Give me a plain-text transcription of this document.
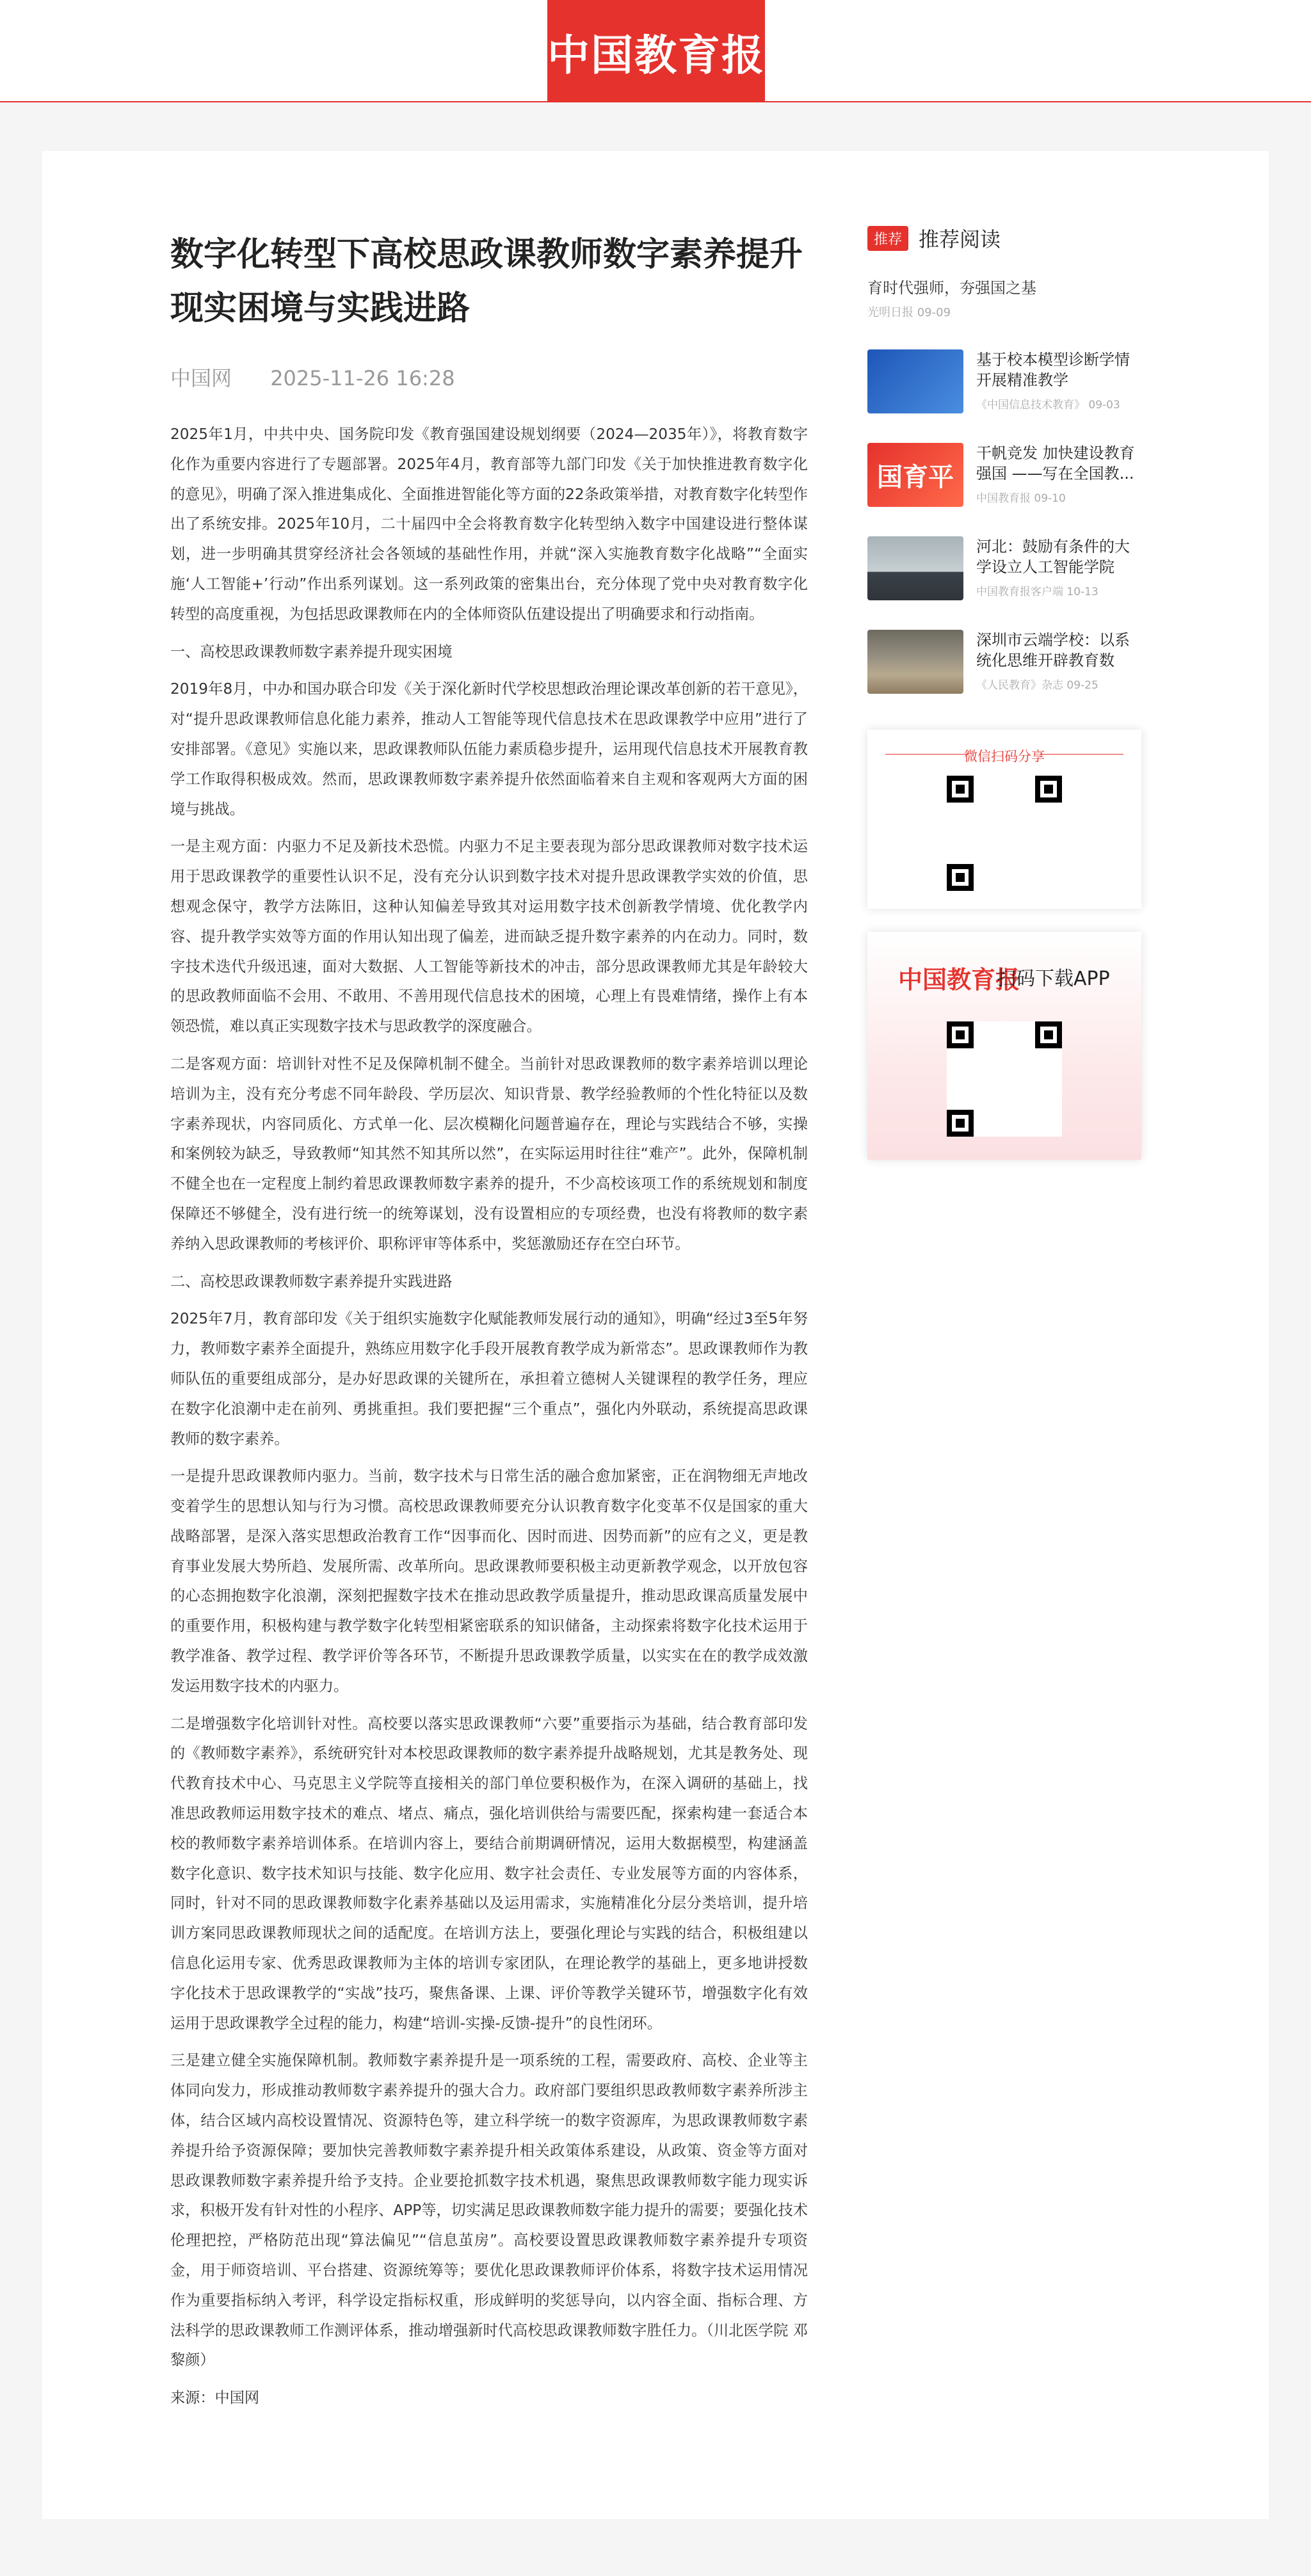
中国教育报
数字化转型下高校思政课教师数字素养提升 现实困境与实践进路
中国网 2025-11-26 16:28

2025年1月，中共中央、国务院印发《教育强国建设规划纲要（2024—2035年）》，将教育数字化作为重要内容进行了专题部署。2025年4月，教育部等九部门印发《关于加快推进教育数字化的意见》，明确了深入推进集成化、全面推进智能化等方面的22条政策举措，对教育数字化转型作出了系统安排。2025年10月，二十届四中全会将教育数字化转型纳入数字中国建设进行整体谋划，进一步明确其贯穿经济社会各领域的基础性作用，并就“深入实施教育数字化战略”“全面实施‘人工智能+’行动”作出系列谋划。这一系列政策的密集出台，充分体现了党中央对教育数字化转型的高度重视，为包括思政课教师在内的全体师资队伍建设提出了明确要求和行动指南。

一、高校思政课教师数字素养提升现实困境

2019年8月，中办和国办联合印发《关于深化新时代学校思想政治理论课改革创新的若干意见》，对“提升思政课教师信息化能力素养，推动人工智能等现代信息技术在思政课教学中应用”进行了安排部署。《意见》实施以来，思政课教师队伍能力素质稳步提升，运用现代信息技术开展教育教学工作取得积极成效。然而，思政课教师数字素养提升依然面临着来自主观和客观两大方面的困境与挑战。

一是主观方面：内驱力不足及新技术恐慌。内驱力不足主要表现为部分思政课教师对数字技术运用于思政课教学的重要性认识不足，没有充分认识到数字技术对提升思政课教学实效的价值，思想观念保守，教学方法陈旧，这种认知偏差导致其对运用数字技术创新教学情境、优化教学内容、提升教学实效等方面的作用认知出现了偏差，进而缺乏提升数字素养的内在动力。同时，数字技术迭代升级迅速，面对大数据、人工智能等新技术的冲击，部分思政课教师尤其是年龄较大的思政教师面临不会用、不敢用、不善用现代信息技术的困境，心理上有畏难情绪，操作上有本领恐慌，难以真正实现数字技术与思政教学的深度融合。

二是客观方面：培训针对性不足及保障机制不健全。当前针对思政课教师的数字素养培训以理论培训为主，没有充分考虑不同年龄段、学历层次、知识背景、教学经验教师的个性化特征以及数字素养现状，内容同质化、方式单一化、层次模糊化问题普遍存在，理论与实践结合不够，实操和案例较为缺乏，导致教师“知其然不知其所以然”，在实际运用时往往“难产”。此外，保障机制不健全也在一定程度上制约着思政课教师数字素养的提升，不少高校该项工作的系统规划和制度保障还不够健全，没有进行统一的统筹谋划，没有设置相应的专项经费，也没有将教师的数字素养纳入思政课教师的考核评价、职称评审等体系中，奖惩激励还存在空白环节。

二、高校思政课教师数字素养提升实践进路

2025年7月，教育部印发《关于组织实施数字化赋能教师发展行动的通知》，明确“经过3至5年努力，教师数字素养全面提升，熟练应用数字化手段开展教育教学成为新常态”。思政课教师作为教师队伍的重要组成部分，是办好思政课的关键所在，承担着立德树人关键课程的教学任务，理应在数字化浪潮中走在前列、勇挑重担。我们要把握“三个重点”，强化内外联动，系统提高思政课教师的数字素养。

一是提升思政课教师内驱力。当前，数字技术与日常生活的融合愈加紧密，正在润物细无声地改变着学生的思想认知与行为习惯。高校思政课教师要充分认识教育数字化变革不仅是国家的重大战略部署，是深入落实思想政治教育工作“因事而化、因时而进、因势而新”的应有之义，更是教育事业发展大势所趋、发展所需、改革所向。思政课教师要积极主动更新教学观念，以开放包容的心态拥抱数字化浪潮，深刻把握数字技术在推动思政教学质量提升，推动思政课高质量发展中的重要作用，积极构建与教学数字化转型相紧密联系的知识储备，主动探索将数字化技术运用于教学准备、教学过程、教学评价等各环节，不断提升思政课教学质量，以实实在在的教学成效激发运用数字技术的内驱力。

二是增强数字化培训针对性。高校要以落实思政课教师“六要”重要指示为基础，结合教育部印发的《教师数字素养》，系统研究针对本校思政课教师的数字素养提升战略规划，尤其是教务处、现代教育技术中心、马克思主义学院等直接相关的部门单位要积极作为，在深入调研的基础上，找准思政教师运用数字技术的难点、堵点、痛点，强化培训供给与需要匹配，探索构建一套适合本校的教师数字素养培训体系。在培训内容上，要结合前期调研情况，运用大数据模型，构建涵盖数字化意识、数字技术知识与技能、数字化应用、数字社会责任、专业发展等方面的内容体系，同时，针对不同的思政课教师数字化素养基础以及运用需求，实施精准化分层分类培训，提升培训方案同思政课教师现状之间的适配度。在培训方法上，要强化理论与实践的结合，积极组建以信息化运用专家、优秀思政课教师为主体的培训专家团队，在理论教学的基础上，更多地讲授数字化技术于思政课教学的“实战”技巧，聚焦备课、上课、评价等教学关键环节，增强数字化有效运用于思政课教学全过程的能力，构建“培训-实操-反馈-提升”的良性闭环。

三是建立健全实施保障机制。教师数字素养提升是一项系统的工程，需要政府、高校、企业等主体同向发力，形成推动教师数字素养提升的强大合力。政府部门要组织思政教师数字素养所涉主体，结合区域内高校设置情况、资源特色等，建立科学统一的数字资源库，为思政课教师数字素养提升给予资源保障；要加快完善教师数字素养提升相关政策体系建设，从政策、资金等方面对思政课教师数字素养提升给予支持。企业要抢抓数字技术机遇，聚焦思政课教师数字能力现实诉求，积极开发有针对性的小程序、APP等，切实满足思政课教师数字能力提升的需要；要强化技术伦理把控，严格防范出现“算法偏见”“信息茧房”。高校要设置思政课教师数字素养提升专项资金，用于师资培训、平台搭建、资源统筹等；要优化思政课教师评价体系，将数字技术运用情况作为重要指标纳入考评，科学设定指标权重，形成鲜明的奖惩导向，以内容全面、指标合理、方法科学的思政课教师工作测评体系，推动增强新时代高校思政课教师数字胜任力。（川北医学院 邓黎颜）

来源：中国网

推荐 推荐阅读
育时代强师，夯强国之基
光明日报 09-09
基于校本模型诊断学情 开展精准教学
《中国信息技术教育》 09-03
国育平
干帆竞发 加快建设教育强国 ——写在全国教...
中国教育报 09-10
河北：鼓励有条件的大学设立人工智能学院
中国教育报客户端 10-13
深圳市云端学校：以系统化思维开辟教育数
《人民教育》杂志 09-25
微信扫码分享
中国教育报
扫码下载APP
